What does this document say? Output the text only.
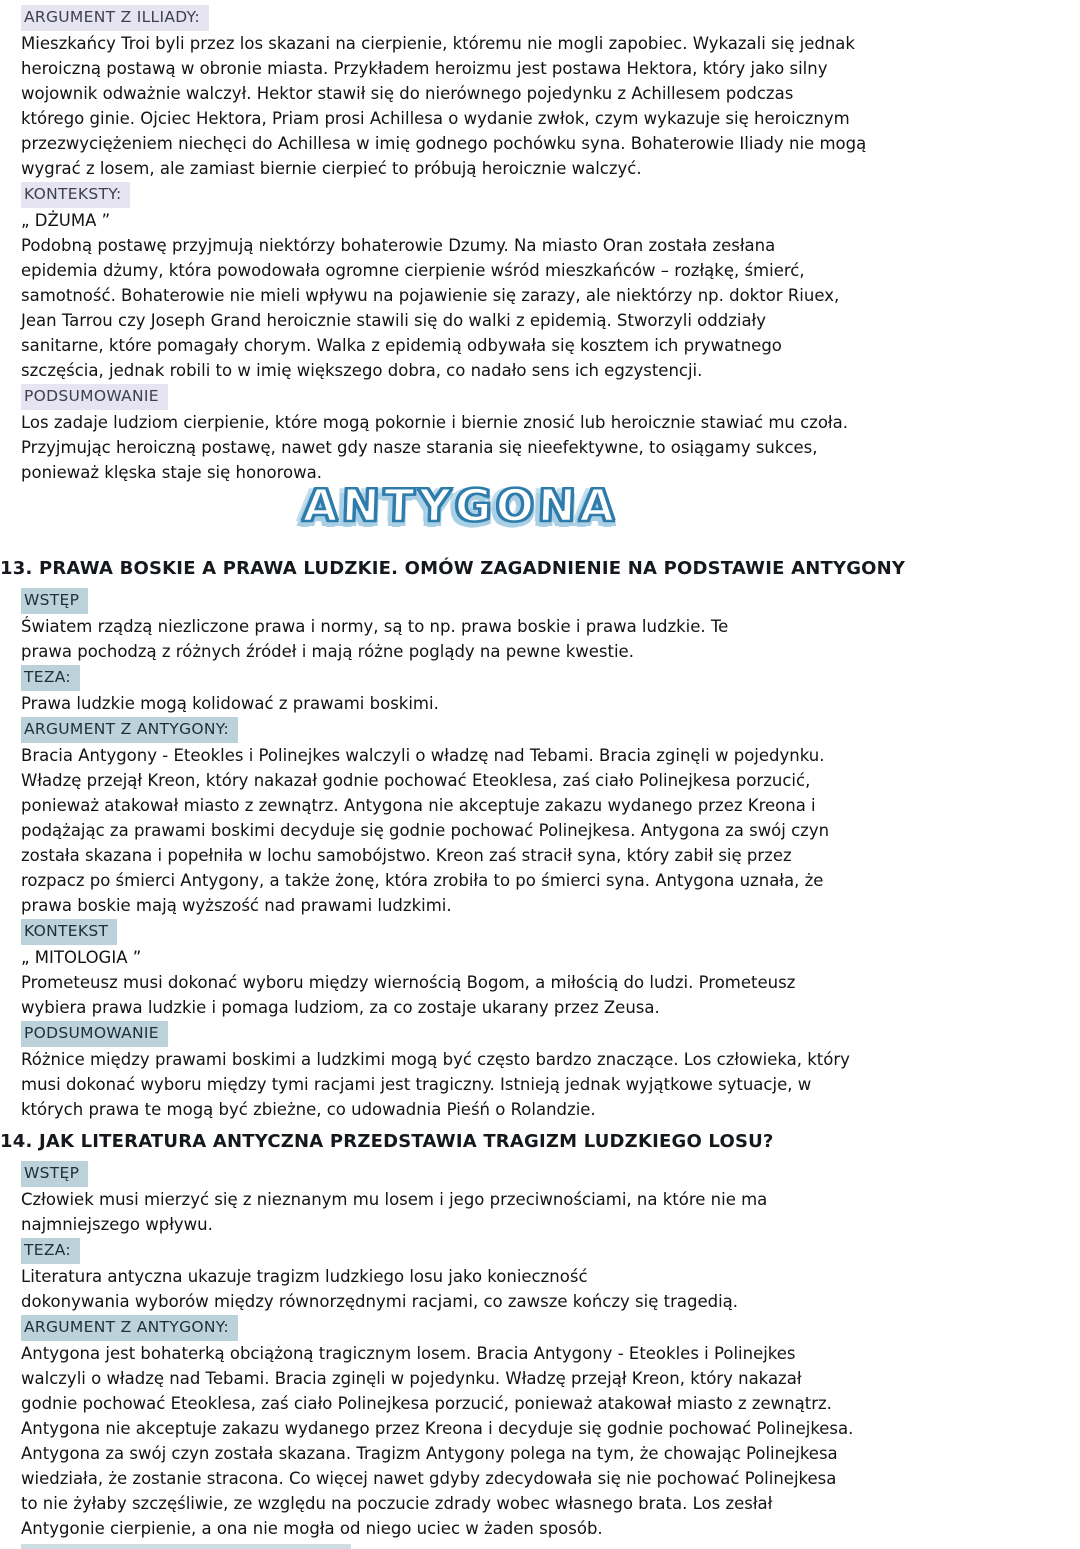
ARGUMENT Z ILLIADY:
Mieszkańcy Troi byli przez los skazani na cierpienie, któremu nie mogli zapobiec. Wykazali się jednak
heroiczną postawą w obronie miasta. Przykładem heroizmu jest postawa Hektora, który jako silny
wojownik odważnie walczył. Hektor stawił się do nierównego pojedynku z Achillesem podczas
którego ginie. Ojciec Hektora, Priam prosi Achillesa o wydanie zwłok, czym wykazuje się heroicznym
przezwyciężeniem niechęci do Achillesa w imię godnego pochówku syna. Bohaterowie Iliady nie mogą
wygrać z losem, ale zamiast biernie cierpieć to próbują heroicznie walczyć.
KONTEKSTY:
„ DŻUMA ”
Podobną postawę przyjmują niektórzy bohaterowie Dzumy. Na miasto Oran została zesłana
epidemia dżumy, która powodowała ogromne cierpienie wśród mieszkańców – rozłąkę, śmierć,
samotność. Bohaterowie nie mieli wpływu na pojawienie się zarazy, ale niektórzy np. doktor Riuex,
Jean Tarrou czy Joseph Grand heroicznie stawili się do walki z epidemią. Stworzyli oddziały
sanitarne, które pomagały chorym. Walka z epidemią odbywała się kosztem ich prywatnego
szczęścia, jednak robili to w imię większego dobra, co nadało sens ich egzystencji.
PODSUMOWANIE
Los zadaje ludziom cierpienie, które mogą pokornie i biernie znosić lub heroicznie stawiać mu czoła.
Przyjmując heroiczną postawę, nawet gdy nasze starania się nieefektywne, to osiągamy sukces,
ponieważ klęska staje się honorowa.
ANTYGONA
13. PRAWA BOSKIE A PRAWA LUDZKIE. OMÓW ZAGADNIENIE NA PODSTAWIE ANTYGONY
WSTĘP
Światem rządzą niezliczone prawa i normy, są to np. prawa boskie i prawa ludzkie. Te
prawa pochodzą z różnych źródeł i mają różne poglądy na pewne kwestie.
TEZA:
Prawa ludzkie mogą kolidować z prawami boskimi.
ARGUMENT Z ANTYGONY:
Bracia Antygony - Eteokles i Polinejkes walczyli o władzę nad Tebami. Bracia zginęli w pojedynku.
Władzę przejął Kreon, który nakazał godnie pochować Eteoklesa, zaś ciało Polinejkesa porzucić,
ponieważ atakował miasto z zewnątrz. Antygona nie akceptuje zakazu wydanego przez Kreona i
podążając za prawami boskimi decyduje się godnie pochować Polinejkesa. Antygona za swój czyn
została skazana i popełniła w lochu samobójstwo. Kreon zaś stracił syna, który zabił się przez
rozpacz po śmierci Antygony, a także żonę, która zrobiła to po śmierci syna. Antygona uznała, że
prawa boskie mają wyższość nad prawami ludzkimi.
KONTEKST
„ MITOLOGIA ”
Prometeusz musi dokonać wyboru między wiernością Bogom, a miłością do ludzi. Prometeusz
wybiera prawa ludzkie i pomaga ludziom, za co zostaje ukarany przez Zeusa.
PODSUMOWANIE
Różnice między prawami boskimi a ludzkimi mogą być często bardzo znaczące. Los człowieka, który
musi dokonać wyboru między tymi racjami jest tragiczny. Istnieją jednak wyjątkowe sytuacje, w
których prawa te mogą być zbieżne, co udowadnia Pieśń o Rolandzie.
14. JAK LITERATURA ANTYCZNA PRZEDSTAWIA TRAGIZM LUDZKIEGO LOSU?
WSTĘP
Człowiek musi mierzyć się z nieznanym mu losem i jego przeciwnościami, na które nie ma
najmniejszego wpływu.
TEZA:
Literatura antyczna ukazuje tragizm ludzkiego losu jako konieczność
dokonywania wyborów między równorzędnymi racjami, co zawsze kończy się tragedią.
ARGUMENT Z ANTYGONY:
Antygona jest bohaterką obciążoną tragicznym losem. Bracia Antygony - Eteokles i Polinejkes
walczyli o władzę nad Tebami. Bracia zginęli w pojedynku. Władzę przejął Kreon, który nakazał
godnie pochować Eteoklesa, zaś ciało Polinejkesa porzucić, ponieważ atakował miasto z zewnątrz.
Antygona nie akceptuje zakazu wydanego przez Kreona i decyduje się godnie pochować Polinejkesa.
Antygona za swój czyn została skazana. Tragizm Antygony polega na tym, że chowając Polinejkesa
wiedziała, że zostanie stracona. Co więcej nawet gdyby zdecydowała się nie pochować Polinejkesa
to nie żyłaby szczęśliwie, ze względu na poczucie zdrady wobec własnego brata. Los zesłał
Antygonie cierpienie, a ona nie mogła od niego uciec w żaden sposób.
